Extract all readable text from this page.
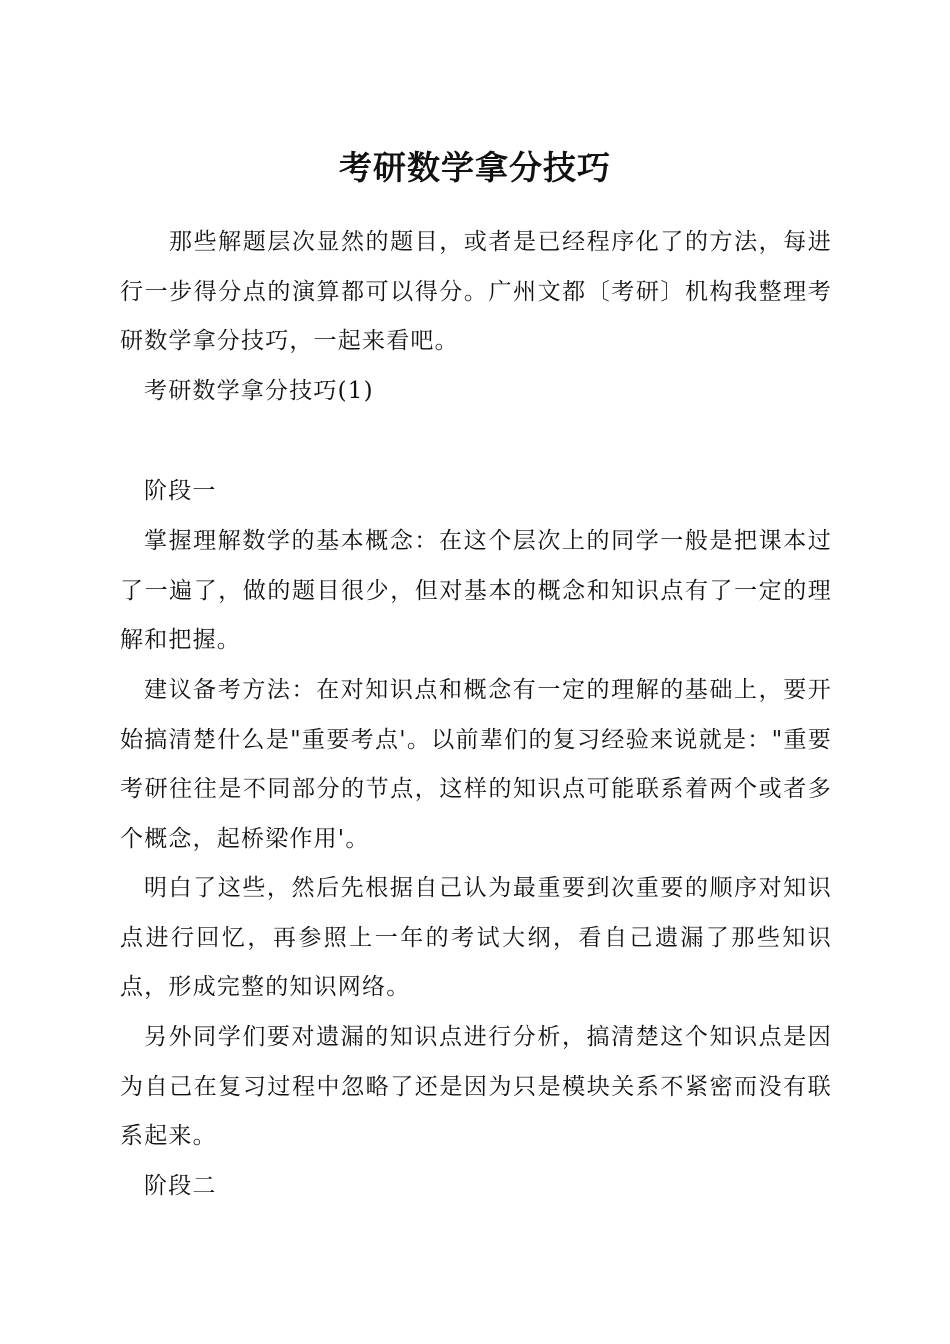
考研数学拿分技巧
那些解题层次显然的题目，或者是已经程序化了的方法，每进行一步得分点的演算都可以得分。广州文都〔考研〕机构我整理考研数学拿分技巧，一起来看吧。
考研数学拿分技巧(1)
阶段一
掌握理解数学的基本概念：在这个层次上的同学一般是把课本过了一遍了，做的题目很少，但对基本的概念和知识点有了一定的理解和把握。
建议备考方法：在对知识点和概念有一定的理解的基础上，要开始搞清楚什么是"重要考点'。以前辈们的复习经验来说就是："重要考研往往是不同部分的节点，这样的知识点可能联系着两个或者多个概念，起桥梁作用'。
明白了这些，然后先根据自己认为最重要到次重要的顺序对知识点进行回忆，再参照上一年的考试大纲，看自己遗漏了那些知识点，形成完整的知识网络。
另外同学们要对遗漏的知识点进行分析，搞清楚这个知识点是因为自己在复习过程中忽略了还是因为只是模块关系不紧密而没有联系起来。
阶段二
